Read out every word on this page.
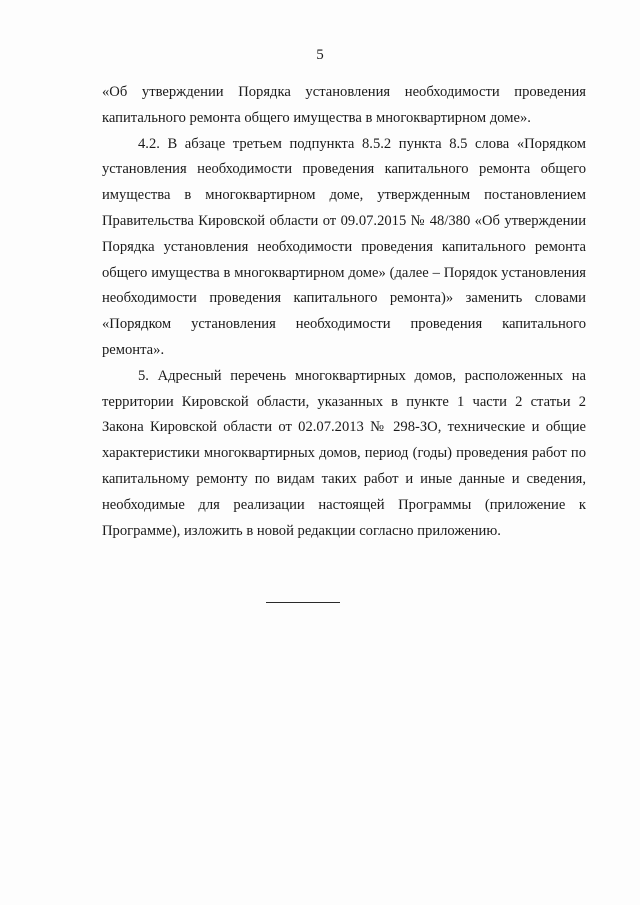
5

«Об утверждении Порядка установления необходимости проведения капитального ремонта общего имущества в многоквартирном доме».

4.2. В абзаце третьем подпункта 8.5.2 пункта 8.5 слова «Порядком установления необходимости проведения капитального ремонта общего имущества в многоквартирном доме, утвержденным постановлением Правительства Кировской области от 09.07.2015 № 48/380 «Об утверждении Порядка установления необходимости проведения капитального ремонта общего имущества в многоквартирном доме» (далее – Порядок установления необходимости проведения капитального ремонта)» заменить словами «Порядком установления необходимости проведения капитального ремонта».

5. Адресный перечень многоквартирных домов, расположенных на территории Кировской области, указанных в пункте 1 части 2 статьи 2 Закона Кировской области от 02.07.2013 № 298-ЗО, технические и общие характеристики многоквартирных домов, период (годы) проведения работ по капитальному ремонту по видам таких работ и иные данные и сведения, необходимые для реализации настоящей Программы (приложение к Программе), изложить в новой редакции согласно приложению.
